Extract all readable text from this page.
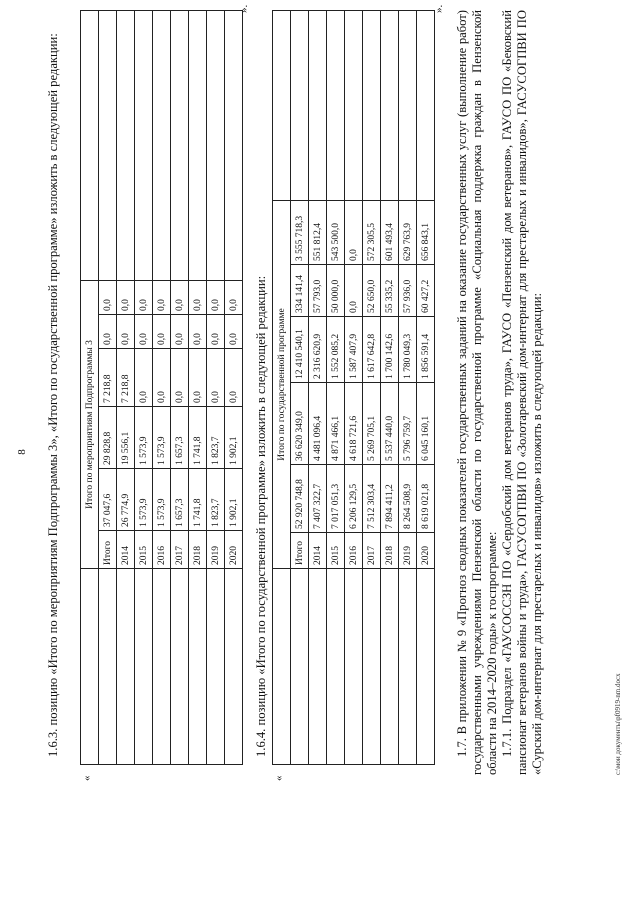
8 1.6.3. позицию «Итого по мероприятиям Подпрограммы 3», «Итого по государственной программе» изложить в следующей редакции:
«
	Итого по мероприятиям Подпрограммы 3						
	Итого	37 047,6	29 828,8	7 218,8	0,0	0,0	
	2014	26 774,9	19 556,1	7 218,8	0,0	0,0	
	2015	1 573,9	1 573,9	0,0	0,0	0,0	
	2016	1 573,9	1 573,9	0,0	0,0	0,0	
	2017	1 657,3	1 657,3	0,0	0,0	0,0	
	2018	1 741,8	1 741,8	0,0	0,0	0,0	
	2019	1 823,7	1 823,7	0,0	0,0	0,0	
	2020	1 902,1	1 902,1	0,0	0,0	0,0	
».
1.6.4. позицию «Итого по государственной программе» изложить в следующей редакции:
«
	Итого по государственной программе						
	Итого	52 920 748,8	36 620 349,0	12 410 540,1	334 141,4	3 555 718,3	
	2014	7 407 322,7	4 481 096,4	2 316 620,9	57 793,0	551 812,4	
	2015	7 017 051,3	4 871 466,1	1 552 085,2	50 000,0	543 500,0	
	2016	6 206 129,5	4 618 721,6	1 587 407,9	0,0	0,0	
	2017	7 512 303,4	5 269 705,1	1 617 642,8	52 650,0	572 305,5	
	2018	7 894 411,2	5 537 440,0	1 700 142,6	55 335,2	601 493,4	
	2019	8 264 508,9	5 796 759,7	1 780 049,3	57 936,0	629 763,9	
	2020	8 619 021,8	6 045 160,1	1 856 591,4	60 427,2	656 843,1	
».
1.7. В приложении № 9 «Прогноз сводных показателей государственных заданий на оказание государственных услуг (выполнение работ) государственными учреждениями Пензенской области по государственной программе «Социальная поддержка граждан в Пензенской области на 2014–2020 годы» к госпрограмме: 1.7.1. Подраздел «ГАУСОССЗН ПО «Сердобский дом ветеранов труда», ГАУСО «Пензенский дом ветеранов», ГАУСО ПО «Бековский пансионат ветеранов войны и труда», ГАСУСОГПВИ ПО «Золотаревский дом-интернат для престарелых и инвалидов», ГАСУСОГПВИ ПО «Сурский дом-интернат для престарелых и инвалидов» изложить в следующей редакции:	c:\мои документы\pf0919-nm.docx
